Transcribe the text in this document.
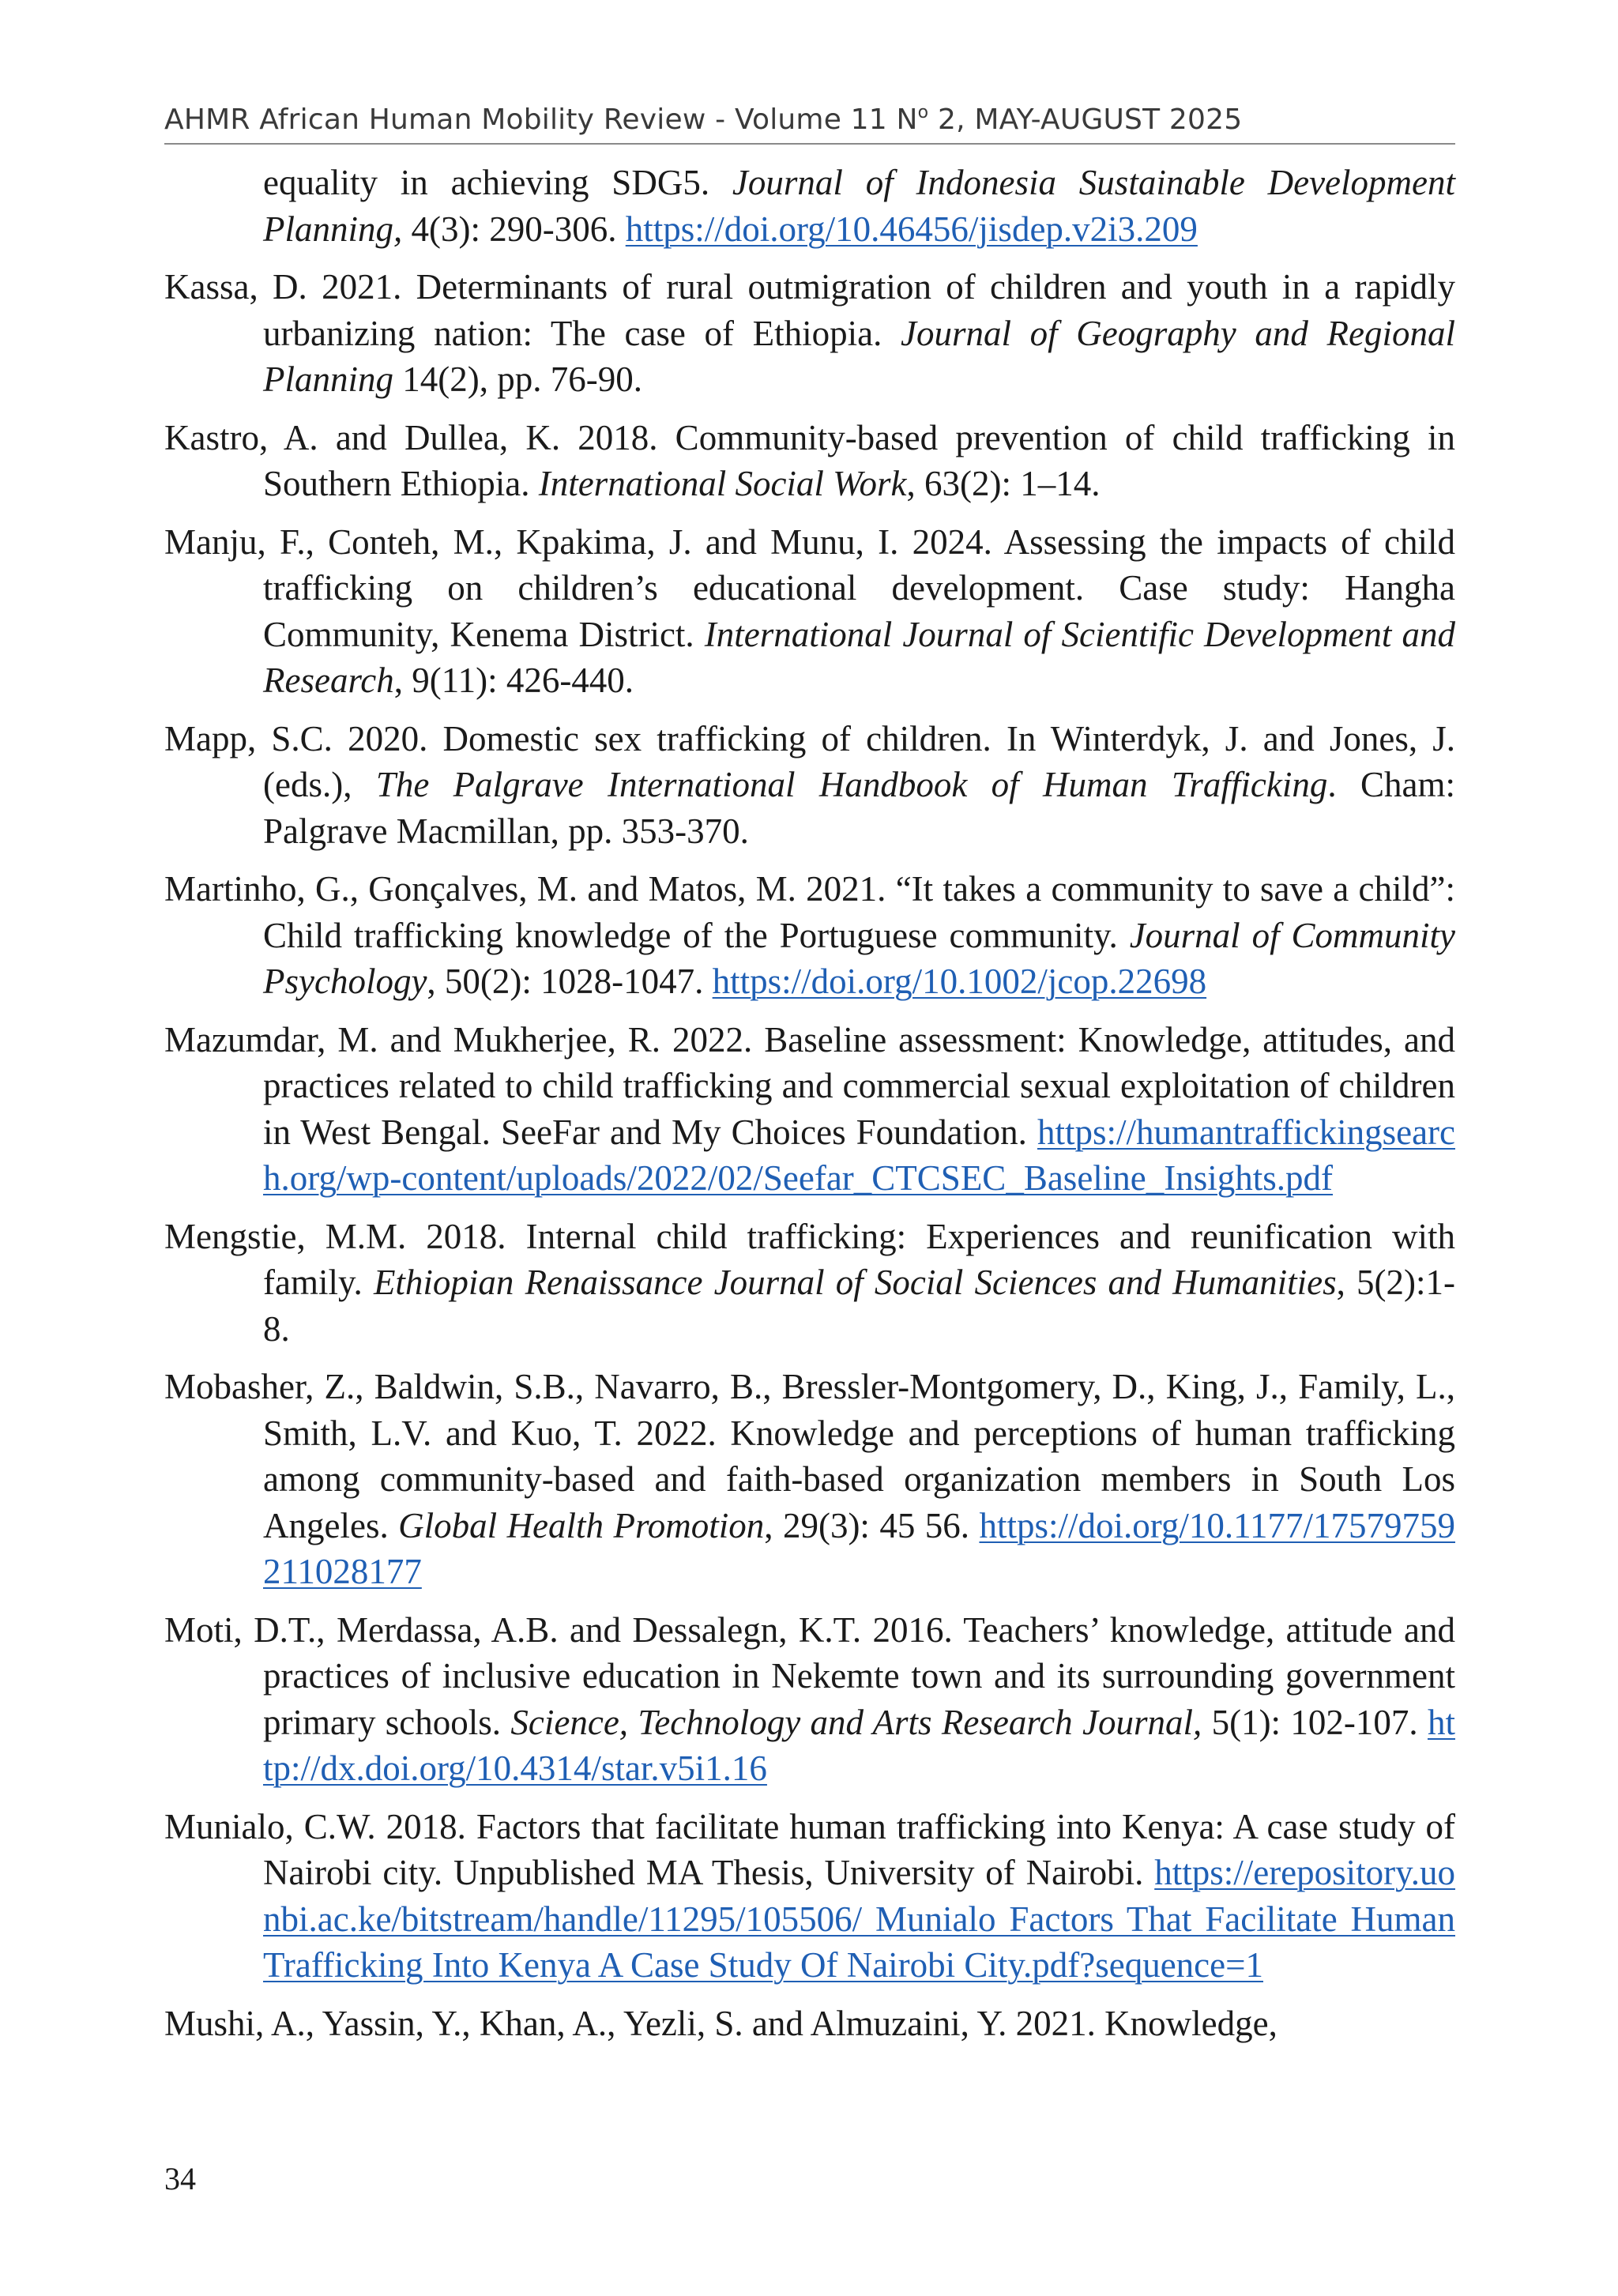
AHMR African Human Mobility Review - Volume 11 $N^o$ 2, MAY-AUGUST 2025

equality in achieving SDG5. Journal of Indonesia Sustainable Development Planning, 4(3): 290-306. https://doi.org/10.46456/jisdep.v2i3.209

Kassa, D. 2021. Determinants of rural outmigration of children and youth in a rapidly urbanizing nation: The case of Ethiopia. Journal of Geography and Regional Planning 14(2), pp. 76-90.

Kastro, A. and Dullea, K. 2018. Community-based prevention of child trafficking in Southern Ethiopia. International Social Work, 63(2): 1–14.

Manju, F., Conteh, M., Kpakima, J. and Munu, I. 2024. Assessing the impacts of child trafficking on children’s educational development. Case study: Hangha Community, Kenema District. International Journal of Scientific Development and Research, 9(11): 426-440.

Mapp, S.C. 2020. Domestic sex trafficking of children. In Winterdyk, J. and Jones, J. (eds.), The Palgrave International Handbook of Human Trafficking. Cham: Palgrave Macmillan, pp. 353-370.

Martinho, G., Gonçalves, M. and Matos, M. 2021. “It takes a community to save a child”: Child trafficking knowledge of the Portuguese community. Journal of Community Psychology, 50(2): 1028-1047. https://doi.org/10.1002/jcop.22698

Mazumdar, M. and Mukherjee, R. 2022. Baseline assessment: Knowledge, attitudes, and practices related to child trafficking and commercial sexual exploitation of children in West Bengal. SeeFar and My Choices Foundation. https://humantraffickingsearch.org/wp-content/uploads/2022/02/Seefar_CTCSEC_Baseline_Insights.pdf

Mengstie, M.M. 2018. Internal child trafficking: Experiences and reunification with family. Ethiopian Renaissance Journal of Social Sciences and Humanities, 5(2):1-8.

Mobasher, Z., Baldwin, S.B., Navarro, B., Bressler-Montgomery, D., King, J., Family, L., Smith, L.V. and Kuo, T. 2022. Knowledge and perceptions of human trafficking among community-based and faith-based organization members in South Los Angeles. Global Health Promotion, 29(3): 45 56. https://doi.org/10.1177/17579759211028177

Moti, D.T., Merdassa, A.B. and Dessalegn, K.T. 2016. Teachers’ knowledge, attitude and practices of inclusive education in Nekemte town and its surrounding government primary schools. Science, Technology and Arts Research Journal, 5(1): 102-107. http://dx.doi.org/10.4314/star.v5i1.16

Munialo, C.W. 2018. Factors that facilitate human trafficking into Kenya: A case study of Nairobi city. Unpublished MA Thesis, University of Nairobi. https://erepository.uonbi.ac.ke/bitstream/handle/11295/105506/ Munialo Factors That Facilitate Human Trafficking Into Kenya A Case Study Of Nairobi City.pdf?sequence=1

Mushi, A., Yassin, Y., Khan, A., Yezli, S. and Almuzaini, Y. 2021. Knowledge,

34
